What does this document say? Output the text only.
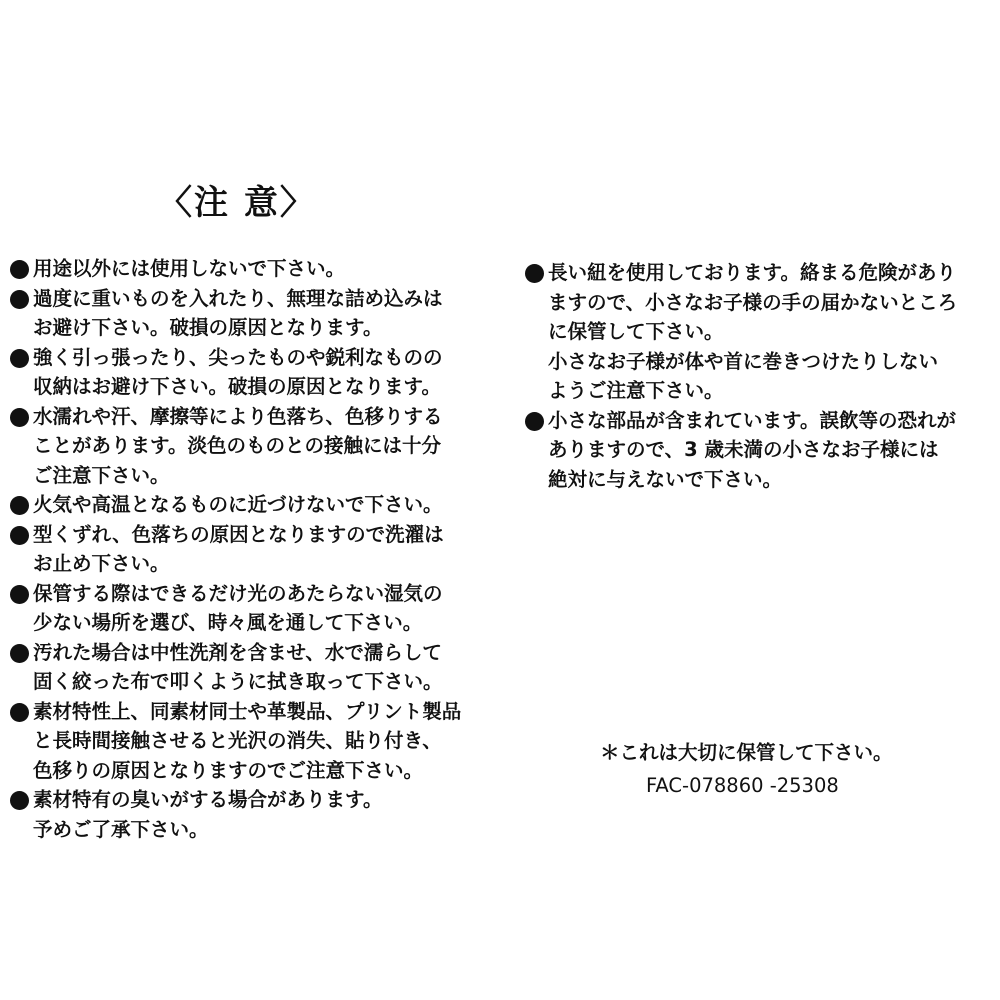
〈注 意〉
用途以外には使用しないで下さい。
過度に重いものを入れたり、無理な詰め込みは
お避け下さい。破損の原因となります。
強く引っ張ったり、尖ったものや鋭利なものの
収納はお避け下さい。破損の原因となります。
水濡れや汗、摩擦等により色落ち、色移りする
ことがあります。淡色のものとの接触には十分
ご注意下さい。
火気や高温となるものに近づけないで下さい。
型くずれ、色落ちの原因となりますので洗濯は
お止め下さい。
保管する際はできるだけ光のあたらない湿気の
少ない場所を選び、時々風を通して下さい。
汚れた場合は中性洗剤を含ませ、水で濡らして
固く絞った布で叩くように拭き取って下さい。
素材特性上、同素材同士や革製品、プリント製品
と長時間接触させると光沢の消失、貼り付き、
色移りの原因となりますのでご注意下さい。
素材特有の臭いがする場合があります。
予めご了承下さい。
長い紐を使用しております。絡まる危険があり
ますので、小さなお子様の手の届かないところ
に保管して下さい。
小さなお子様が体や首に巻きつけたりしない
ようご注意下さい。
小さな部品が含まれています。誤飲等の恐れが
ありますので、3 歳未満の小さなお子様には
絶対に与えないで下さい。
＊これは大切に保管して下さい。
FAC-078860 -25308
